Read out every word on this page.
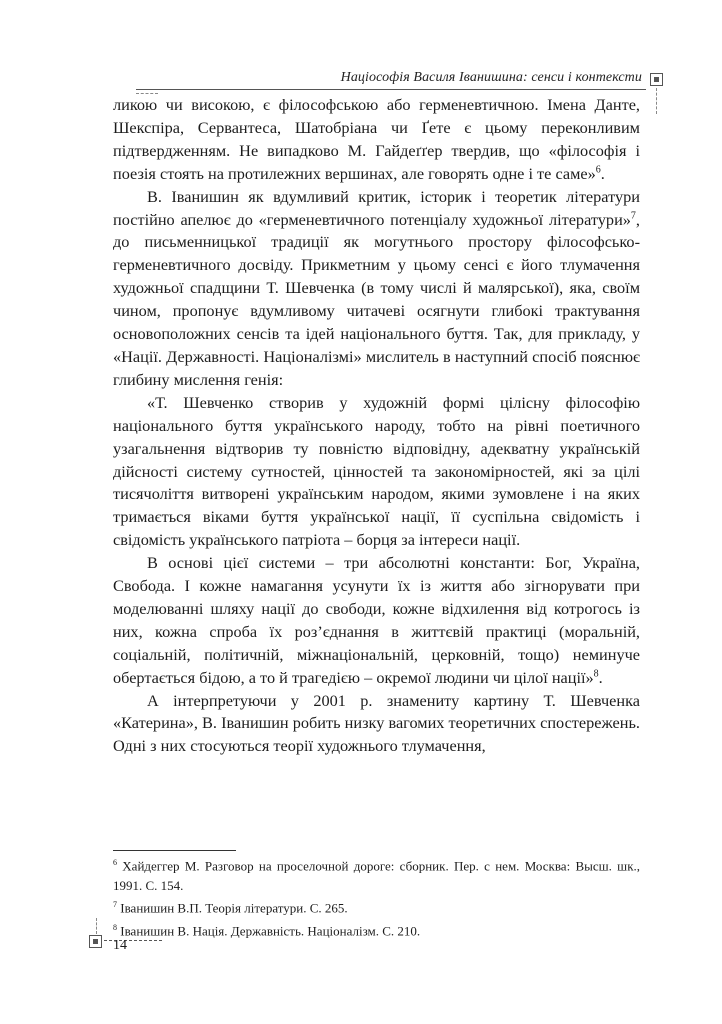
Націософія Василя Іванишина: сенси і контексти

ликою чи високою, є філософською або герменевтичною. Імена Данте, Шекспіра, Сервантеса, Шатобріана чи Ґете є цьому переконливим підтвердженням. Не випадково М. Гайдеґґер твердив, що «філософія і поезія стоять на протилежних вершинах, але говорять одне і те саме»$^6$.

В. Іванишин як вдумливий критик, історик і теоретик літератури постійно апелює до «герменевтичного потенціалу художньої літератури»$^7$, до письменницької традиції як могутнього простору філософсько-герменевтичного досвіду. Прикметним у цьому сенсі є його тлумачення художньої спадщини Т. Шевченка (в тому числі й малярської), яка, своїм чином, пропонує вдумливому читачеві осягнути глибокі трактування основоположних сенсів та ідей національного буття. Так, для прикладу, у «Нації. Державності. Націоналізмі» мислитель в наступний спосіб пояснює глибину мислення генія:

«Т. Шевченко створив у художній формі цілісну філософію національного буття українського народу, тобто на рівні поетичного узагальнення відтворив ту повністю відповідну, адекватну українській дійсності систему сутностей, цінностей та закономірностей, які за цілі тисячоліття витворені українським народом, якими зумовлене і на яких тримається віками буття української нації, її суспільна свідомість і свідомість українського патріота – борця за інтереси нації.

В основі цієї системи – три абсолютні константи: Бог, Україна, Свобода. І кожне намагання усунути їх із життя або зігнорувати при моделюванні шляху нації до свободи, кожне відхилення від котрогось із них, кожна спроба їх роз’єднання в життєвій практиці (моральній, соціальній, політичній, міжнаціональній, церковній, тощо) неминуче обертається бідою, а то й трагедією – окремої людини чи цілої нації»$^8$.

А інтерпретуючи у 2001 р. знамениту картину Т. Шевченка «Катерина», В. Іванишин робить низку вагомих теоретичних спостережень. Одні з них стосуються теорії художнього тлумачення,

$^6$ Хайдеггер М. Разговор на проселочной дороге: сборник. Пер. с нем. Москва: Высш. шк., 1991. С. 154.

$^7$ Іванишин В.П. Теорія літератури. С. 265.

$^8$ Іванишин В. Нація. Державність. Націоналізм. С. 210.

14
